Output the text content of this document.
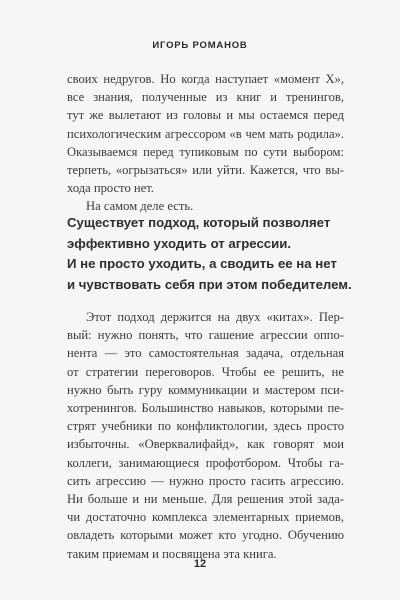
ИГОРЬ РОМАНОВ
своих недругов. Но когда наступает «момент Х»,
все знания, полученные из книг и тренингов,
тут же вылетают из головы и мы остаемся перед
психологическим агрессором «в чем мать родила».
Оказываемся перед тупиковым по сути выбором:
терпеть, «огрызаться» или уйти. Кажется, что вы-
хода просто нет.
На самом деле есть.
Существует подход, который позволяет
эффективно уходить от агрессии.
И не просто уходить, а сводить ее на нет
и чувствовать себя при этом победителем.
Этот подход держится на двух «китах». Пер-
вый: нужно понять, что гашение агрессии оппо-
нента — это самостоятельная задача, отдельная
от стратегии переговоров. Чтобы ее решить, не
нужно быть гуру коммуникации и мастером пси-
хотренингов. Большинство навыков, которыми пе-
стрят учебники по конфликтологии, здесь просто
избыточны. «Оверквалифайд», как говорят мои
коллеги, занимающиеся профотбором. Чтобы га-
сить агрессию — нужно просто гасить агрессию.
Ни больше и ни меньше. Для решения этой зада-
чи достаточно комплекса элементарных приемов,
овладеть которыми может кто угодно. Обучению
таким приемам и посвящена эта книга.
12
